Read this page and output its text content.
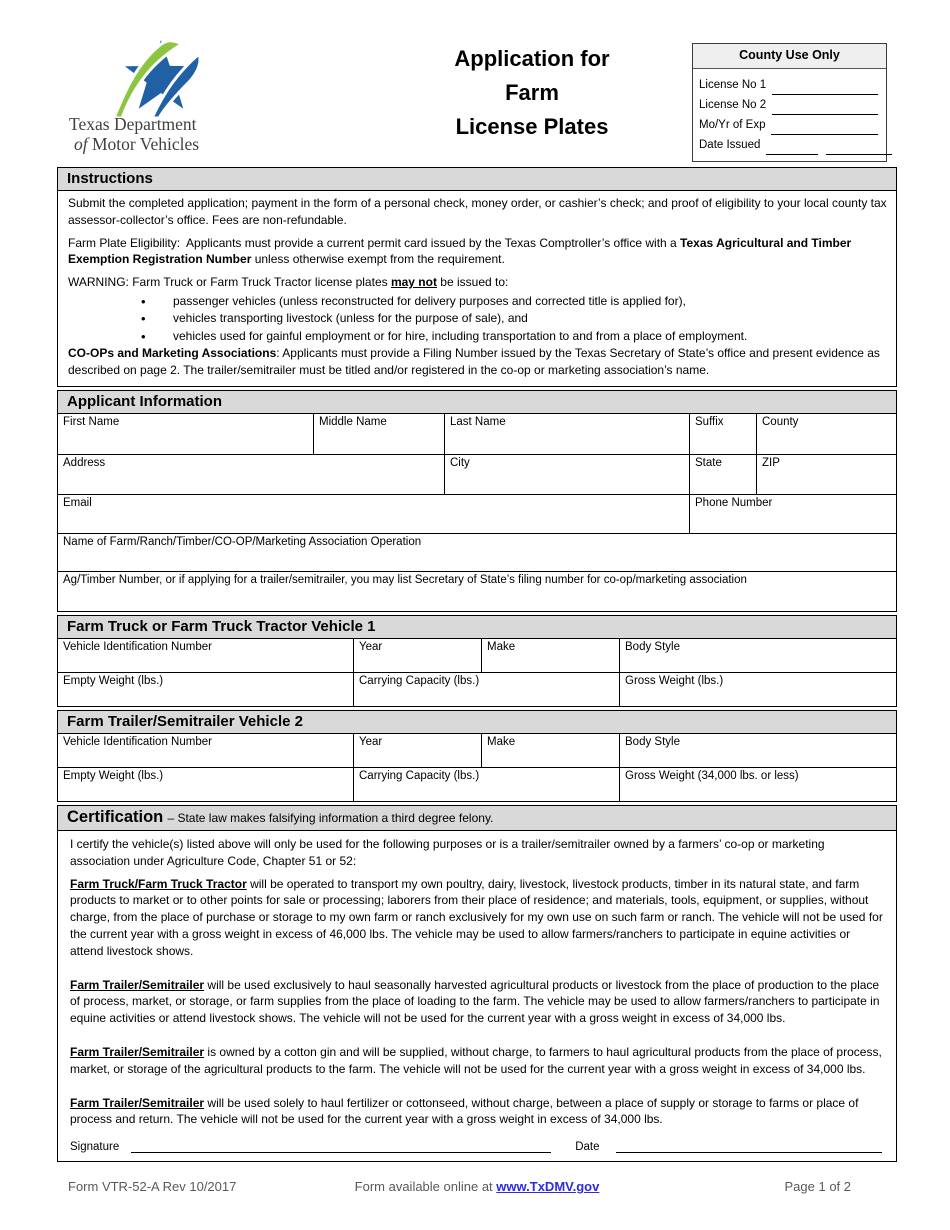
Texas Department
of Motor Vehicles
Application for
Farm
License Plates
County Use Only
License No 1
License No 2
Mo/Yr of Exp
Date Issued
Instructions

Submit the completed application; payment in the form of a personal check, money order, or cashier’s check; and proof of eligibility to your local county tax assessor-collector’s office. Fees are non-refundable.

Farm Plate Eligibility:  Applicants must provide a current permit card issued by the Texas Comptroller’s office with a Texas Agricultural and Timber Exemption Registration Number unless otherwise exempt from the requirement.

WARNING: Farm Truck or Farm Truck Tractor license plates may not be issued to:

• passenger vehicles (unless reconstructed for delivery purposes and corrected title is applied for),
• vehicles transporting livestock (unless for the purpose of sale), and
• vehicles used for gainful employment or for hire, including transportation to and from a place of employment.

CO-OPs and Marketing Associations: Applicants must provide a Filing Number issued by the Texas Secretary of State’s office and present evidence as described on page 2. The trailer/semitrailer must be titled and/or registered in the co-op or marketing association’s name.

Applicant Information
First Name	Middle Name	Last Name	Suffix	County
Address	City	State	ZIP
Email	Phone Number
Name of Farm/Ranch/Timber/CO-OP/Marketing Association Operation
Ag/Timber Number, or if applying for a trailer/semitrailer, you may list Secretary of State’s filing number for co-op/marketing association
Farm Truck or Farm Truck Tractor Vehicle 1
Vehicle Identification Number	Year	Make	Body Style
Empty Weight (lbs.)	Carrying Capacity (lbs.)	Gross Weight (lbs.)
Farm Trailer/Semitrailer Vehicle 2
Vehicle Identification Number	Year	Make	Body Style
Empty Weight (lbs.)	Carrying Capacity (lbs.)	Gross Weight (34,000 lbs. or less)
Certification – State law makes falsifying information a third degree felony.

I certify the vehicle(s) listed above will only be used for the following purposes or is a trailer/semitrailer owned by a farmers’ co-op or marketing association under Agriculture Code, Chapter 51 or 52:

Farm Truck/Farm Truck Tractor will be operated to transport my own poultry, dairy, livestock, livestock products, timber in its natural state, and farm products to market or to other points for sale or processing; laborers from their place of residence; and materials, tools, equipment, or supplies, without charge, from the place of purchase or storage to my own farm or ranch exclusively for my own use on such farm or ranch. The vehicle will not be used for the current year with a gross weight in excess of 46,000 lbs. The vehicle may be used to allow farmers/ranchers to participate in equine activities or attend livestock shows.

Farm Trailer/Semitrailer will be used exclusively to haul seasonally harvested agricultural products or livestock from the place of production to the place of process, market, or storage, or farm supplies from the place of loading to the farm. The vehicle may be used to allow farmers/ranchers to participate in equine activities or attend livestock shows. The vehicle will not be used for the current year with a gross weight in excess of 34,000 lbs.

Farm Trailer/Semitrailer is owned by a cotton gin and will be supplied, without charge, to farmers to haul agricultural products from the place of process, market, or storage of the agricultural products to the farm. The vehicle will not be used for the current year with a gross weight in excess of 34,000 lbs.

Farm Trailer/Semitrailer will be used solely to haul fertilizer or cottonseed, without charge, between a place of supply or storage to farms or place of process and return. The vehicle will not be used for the current year with a gross weight in excess of 34,000 lbs.

Signature	Date
Form VTR-52-A Rev 10/2017	Form available online at www.TxDMV.gov	Page 1 of 2
